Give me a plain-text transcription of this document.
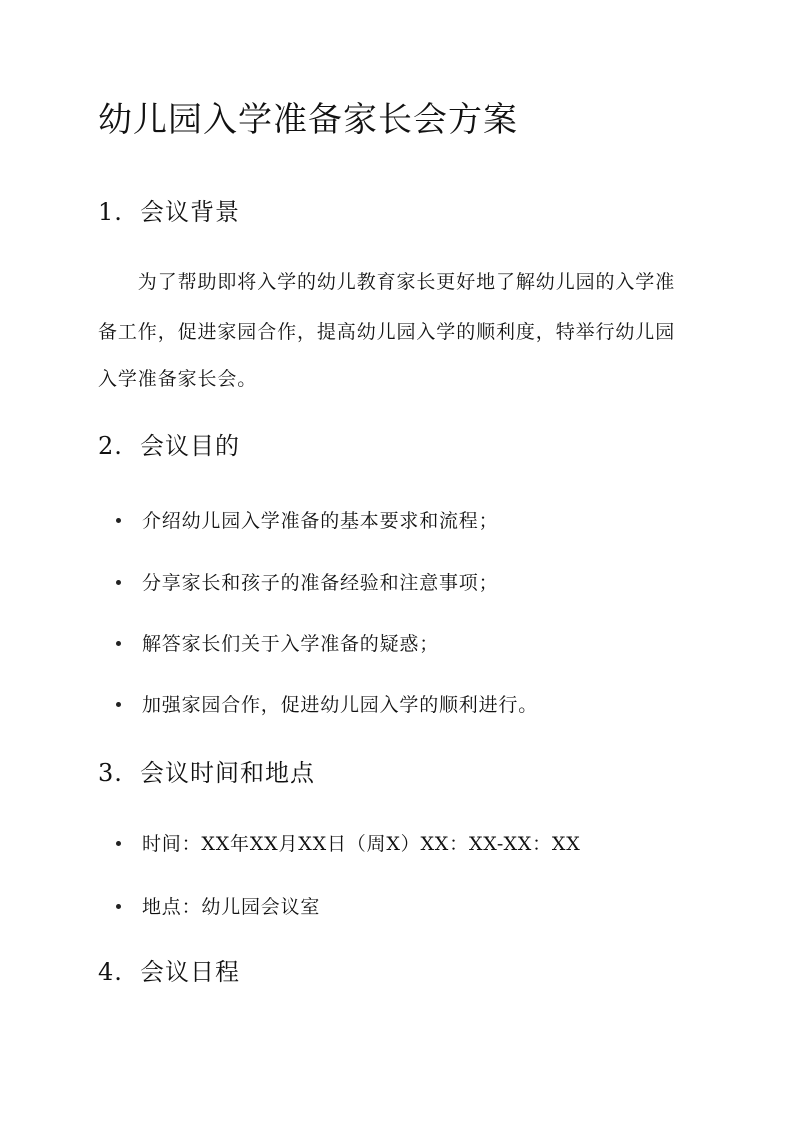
幼儿园入学准备家长会方案
1. 会议背景

　　为了帮助即将入学的幼儿教育家长更好地了解幼儿园的入学准

备工作，促进家园合作，提高幼儿园入学的顺利度，特举行幼儿园

入学准备家长会。

2. 会议目的

介绍幼儿园入学准备的基本要求和流程；

分享家长和孩子的准备经验和注意事项；

解答家长们关于入学准备的疑惑；

加强家园合作，促进幼儿园入学的顺利进行。

3. 会议时间和地点

时间：XX年XX月XX日（周X）XX：XX-XX：XX

地点：幼儿园会议室

4. 会议日程
